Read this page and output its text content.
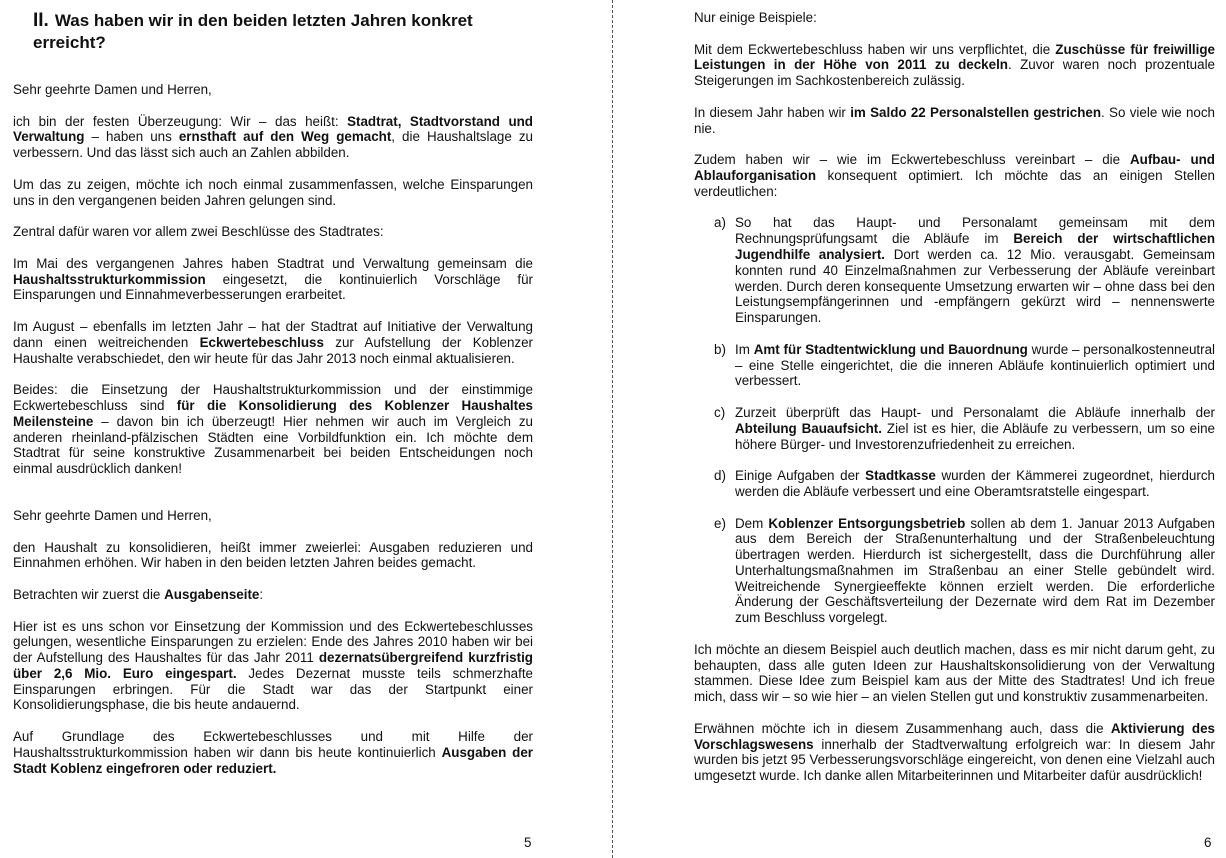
II. Was haben wir in den beiden letzten Jahren konkret erreicht?

Sehr geehrte Damen und Herren,

ich bin der festen Überzeugung: Wir – das heißt: Stadtrat, Stadtvorstand und Verwaltung – haben uns ernsthaft auf den Weg gemacht, die Haushaltslage zu verbessern. Und das lässt sich auch an Zahlen abbilden.

Um das zu zeigen, möchte ich noch einmal zusammenfassen, welche Einsparungen uns in den vergangenen beiden Jahren gelungen sind.

Zentral dafür waren vor allem zwei Beschlüsse des Stadtrates:

Im Mai des vergangenen Jahres haben Stadtrat und Verwaltung gemeinsam die Haushaltsstrukturkommission eingesetzt, die kontinuierlich Vorschläge für Einsparungen und Einnahmeverbesserungen erarbeitet.

Im August – ebenfalls im letzten Jahr – hat der Stadtrat auf Initiative der Verwaltung dann einen weitreichenden Eckwertebeschluss zur Aufstellung der Koblenzer Haushalte verabschiedet, den wir heute für das Jahr 2013 noch einmal aktualisieren.

Beides: die Einsetzung der Haushaltstrukturkommission und der einstimmige Eckwertebeschluss sind für die Konsolidierung des Koblenzer Haushaltes Meilensteine – davon bin ich überzeugt! Hier nehmen wir auch im Vergleich zu anderen rheinland-pfälzischen Städten eine Vorbildfunktion ein. Ich möchte dem Stadtrat für seine konstruktive Zusammenarbeit bei beiden Entscheidungen noch einmal ausdrücklich danken!

Sehr geehrte Damen und Herren,

den Haushalt zu konsolidieren, heißt immer zweierlei: Ausgaben reduzieren und Einnahmen erhöhen. Wir haben in den beiden letzten Jahren beides gemacht.

Betrachten wir zuerst die Ausgabenseite:

Hier ist es uns schon vor Einsetzung der Kommission und des Eckwertebeschlusses gelungen, wesentliche Einsparungen zu erzielen: Ende des Jahres 2010 haben wir bei der Aufstellung des Haushaltes für das Jahr 2011 dezernatsübergreifend kurzfristig über 2,6 Mio. Euro eingespart. Jedes Dezernat musste teils schmerzhafte Einsparungen erbringen. Für die Stadt war das der Startpunkt einer Konsolidierungsphase, die bis heute andauernd.

Auf Grundlage des Eckwertebeschlusses und mit Hilfe der Haushaltsstrukturkommission haben wir dann bis heute kontinuierlich Ausgaben der Stadt Koblenz eingefroren oder reduziert.

5

Nur einige Beispiele:

Mit dem Eckwertebeschluss haben wir uns verpflichtet, die Zuschüsse für freiwillige Leistungen in der Höhe von 2011 zu deckeln. Zuvor waren noch prozentuale Steigerungen im Sachkostenbereich zulässig.

In diesem Jahr haben wir im Saldo 22 Personalstellen gestrichen. So viele wie noch nie.

Zudem haben wir – wie im Eckwertebeschluss vereinbart – die Aufbau- und Ablauforganisation konsequent optimiert. Ich möchte das an einigen Stellen verdeutlichen:

a) So hat das Haupt- und Personalamt gemeinsam mit dem Rechnungsprüfungsamt die Abläufe im Bereich der wirtschaftlichen Jugendhilfe analysiert. Dort werden ca. 12 Mio. verausgabt. Gemeinsam konnten rund 40 Einzelmaßnahmen zur Verbesserung der Abläufe vereinbart werden. Durch deren konsequente Umsetzung erwarten wir – ohne dass bei den Leistungsempfängerinnen und -empfängern gekürzt wird – nennenswerte Einsparungen.
b) Im Amt für Stadtentwicklung und Bauordnung wurde – personalkostenneutral – eine Stelle eingerichtet, die die inneren Abläufe kontinuierlich optimiert und verbessert.
c) Zurzeit überprüft das Haupt- und Personalamt die Abläufe innerhalb der Abteilung Bauaufsicht. Ziel ist es hier, die Abläufe zu verbessern, um so eine höhere Bürger- und Investorenzufriedenheit zu erreichen.
d) Einige Aufgaben der Stadtkasse wurden der Kämmerei zugeordnet, hierdurch werden die Abläufe verbessert und eine Oberamtsratstelle eingespart.
e) Dem Koblenzer Entsorgungsbetrieb sollen ab dem 1. Januar 2013 Aufgaben aus dem Bereich der Straßenunterhaltung und der Straßenbeleuchtung übertragen werden. Hierdurch ist sichergestellt, dass die Durchführung aller Unterhaltungsmaßnahmen im Straßenbau an einer Stelle gebündelt wird. Weitreichende Synergieeffekte können erzielt werden. Die erforderliche Änderung der Geschäftsverteilung der Dezernate wird dem Rat im Dezember zum Beschluss vorgelegt.

Ich möchte an diesem Beispiel auch deutlich machen, dass es mir nicht darum geht, zu behaupten, dass alle guten Ideen zur Haushaltskonsolidierung von der Verwaltung stammen. Diese Idee zum Beispiel kam aus der Mitte des Stadtrates! Und ich freue mich, dass wir – so wie hier – an vielen Stellen gut und konstruktiv zusammenarbeiten.

Erwähnen möchte ich in diesem Zusammenhang auch, dass die Aktivierung des Vorschlagswesens innerhalb der Stadtverwaltung erfolgreich war: In diesem Jahr wurden bis jetzt 95 Verbesserungsvorschläge eingereicht, von denen eine Vielzahl auch umgesetzt wurde. Ich danke allen Mitarbeiterinnen und Mitarbeiter dafür ausdrücklich!

6
